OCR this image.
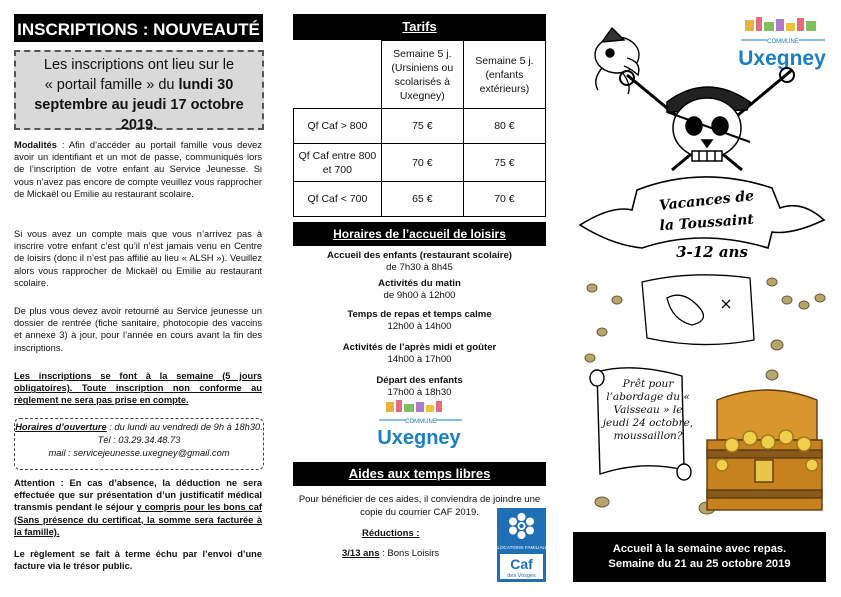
INSCRIPTIONS : NOUVEAUTÉ
Les inscriptions ont lieu sur le
« portail famille » du lundi 30
septembre au jeudi 17 octobre
2019.
Modalités : Afin d’accéder au portail famille vous devez avoir un identifiant et un mot de passe, communiqués lors de l’inscription de votre enfant au Service Jeunesse. Si vous n’avez pas encore de compte veuillez vous rapprocher de Mickaël ou Emilie au restaurant scolaire.
Si vous avez un compte mais que vous n’arrivez pas à inscrire votre enfant c’est qu’il n’est jamais venu en Centre de loisirs (donc il n’est pas affilié au lieu « ALSH »). Veuillez alors vous rapprocher de Mickaël ou Emilie au restaurant scolaire.
De plus vous devez avoir retourné au Service jeunesse un dossier de rentrée (fiche sanitaire, photocopie des vaccins et annexe 3) à jour, pour l’année en cours avant la fin des inscriptions.
Les inscriptions se font à la semaine (5 jours obligatoires). Toute inscription non conforme au règlement ne sera pas prise en compte.
Horaires d’ouverture : du lundi au vendredi de 9h à 18h30. Tél : 03.29.34.48.73
mail : servicejeunesse.uxegney@gmail.com
Attention : En cas d’absence, la déduction ne sera effectuée que sur présentation d’un justificatif médical transmis pendant le séjour y compris pour les bons caf (Sans présence du certificat, la somme sera facturée à la famille).
Le règlement se fait à terme échu par l’envoi d’une facture via le trésor public.
Tarifs
	Semaine 5 j. (Ursiniens ou scolarisés à Uxegney)	Semaine 5 j. (enfants extérieurs)
Qf Caf > 800	75 €	80 €
Qf Caf entre 800 et 700	70 €	75 €
Qf Caf < 700	65 €	70 €
Horaires de l’accueil de loisirs
Accueil des enfants (restaurant scolaire)
de 7h30 à 8h45
Activités du matin
de 9h00 à 12h00
Temps de repas et temps calme
12h00 à 14h00
Activités de l’après midi et goûter
14h00 à 17h00
Départ des enfants
17h00 à 18h30
COMMUNE
Uxegney
Aides aux temps libres
Pour bénéficier de ces aides, il conviendra de joindre une copie du courrier CAF 2019.
Réductions :
3/13 ans : Bons Loisirs
ALLOCATIONS FAMILIALES
Caf
des Vosges
COMMUNE
Uxegney
Vacances de
la Toussaint
3-12 ans
Prêt pour l’abordage du « Vaisseau » le jeudi 24 octobre, moussaillon?
Accueil à la semaine avec repas.
Semaine du 21 au 25 octobre 2019
